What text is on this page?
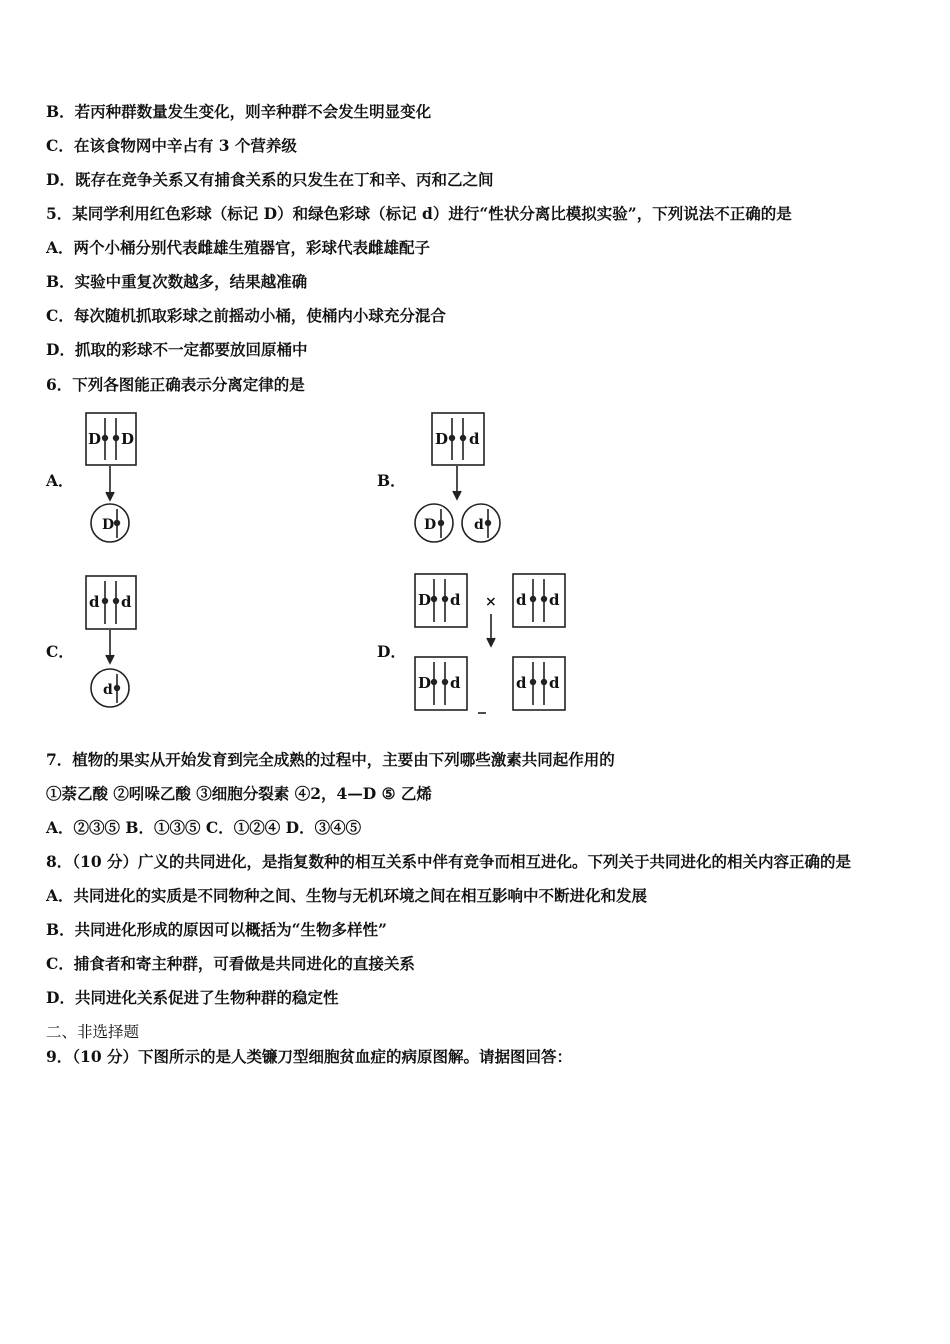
B．若丙种群数量发生变化，则辛种群不会发生明显变化
C．在该食物网中辛占有 3 个营养级
D．既存在竞争关系又有捕食关系的只发生在丁和辛、丙和乙之间
5．某同学利用红色彩球（标记 D）和绿色彩球（标记 d）进行“性状分离比模拟实验”，下列说法不正确的是
A．两个小桶分别代表雌雄生殖器官，彩球代表雌雄配子
B．实验中重复次数越多，结果越准确
C．每次随机抓取彩球之前摇动小桶，使桶内小球充分混合
D．抓取的彩球不一定都要放回原桶中
6．下列各图能正确表示分离定律的是
A．	B．
C．	D．
D D
D
D d
D	d
d d
d
D d	d d
×
D d	d d
7．植物的果实从开始发育到完全成熟的过程中，主要由下列哪些激素共同起作用的
①萘乙酸 ②吲哚乙酸 ③细胞分裂素 ④2，4—D ⑤ 乙烯
A．②③⑤ B．①③⑤ C．①②④ D．③④⑤
8．（10 分）广义的共同进化，是指复数种的相互关系中伴有竞争而相互进化。下列关于共同进化的相关内容正确的是
A．共同进化的实质是不同物种之间、生物与无机环境之间在相互影响中不断进化和发展
B．共同进化形成的原因可以概括为“生物多样性”
C．捕食者和寄主种群，可看做是共同进化的直接关系
D．共同进化关系促进了生物种群的稳定性
二、非选择题
9．（10 分）下图所示的是人类镰刀型细胞贫血症的病原图解。请据图回答：
